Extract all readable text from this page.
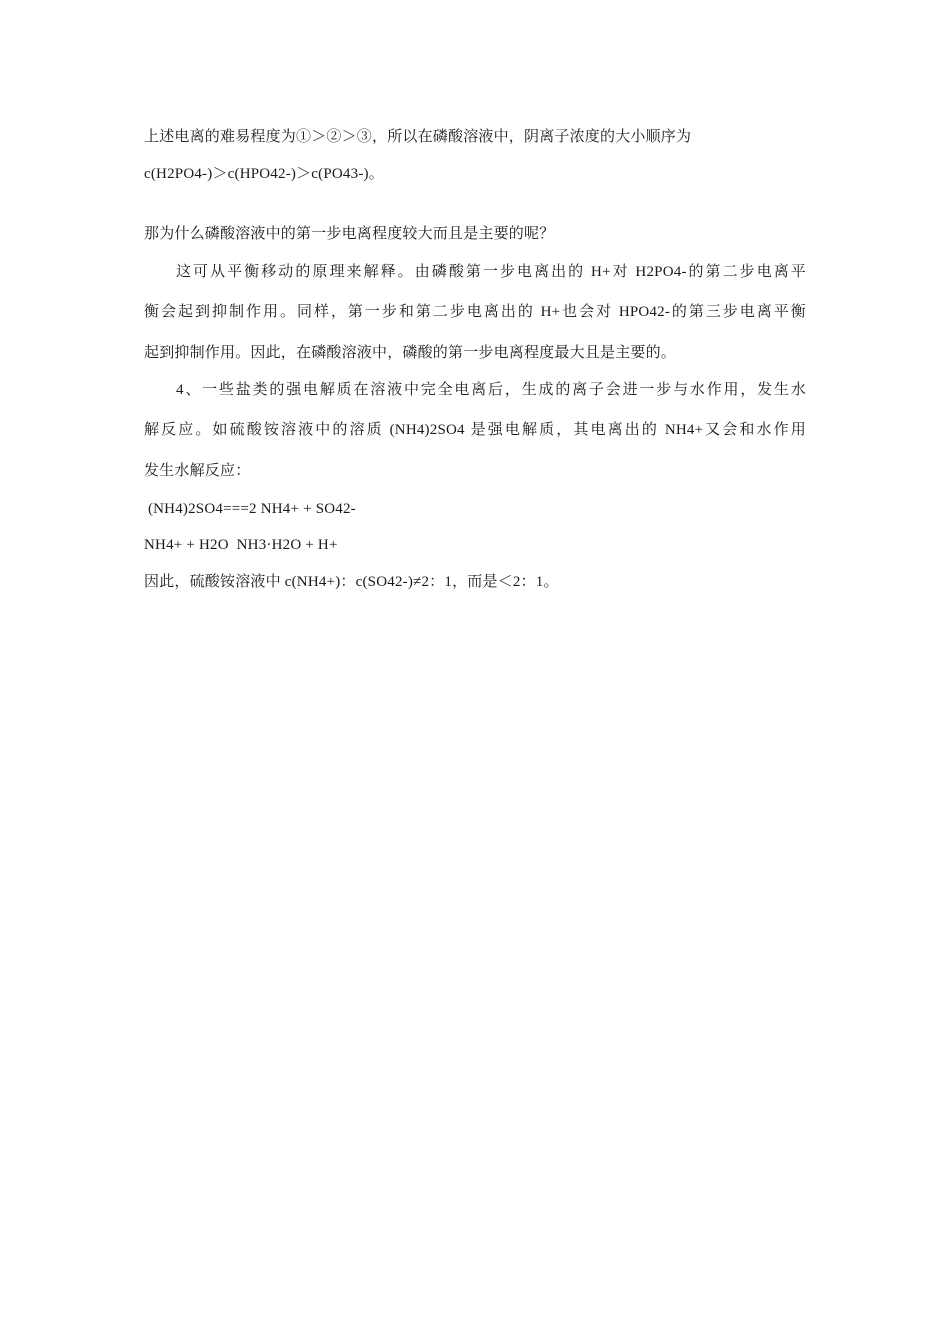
上述电离的难易程度为①＞②＞③，所以在磷酸溶液中，阴离子浓度的大小顺序为
c(H2PO4-)＞c(HPO42-)＞c(PO43-)。
那为什么磷酸溶液中的第一步电离程度较大而且是主要的呢？
这可从平衡移动的原理来解释。由磷酸第一步电离出的 H+对 H2PO4-的第二步电离平
衡会起到抑制作用。同样，第一步和第二步电离出的 H+也会对 HPO42-的第三步电离平衡
起到抑制作用。因此，在磷酸溶液中，磷酸的第一步电离程度最大且是主要的。
4、一些盐类的强电解质在溶液中完全电离后，生成的离子会进一步与水作用，发生水
解反应。如硫酸铵溶液中的溶质 (NH4)2SO4 是强电解质，其电离出的 NH4+又会和水作用
发生水解反应：
(NH4)2SO4===2 NH4+ + SO42-
NH4+ + H2O  NH3·H2O + H+
因此，硫酸铵溶液中 c(NH4+)：c(SO42-)≠2：1，而是＜2：1。
